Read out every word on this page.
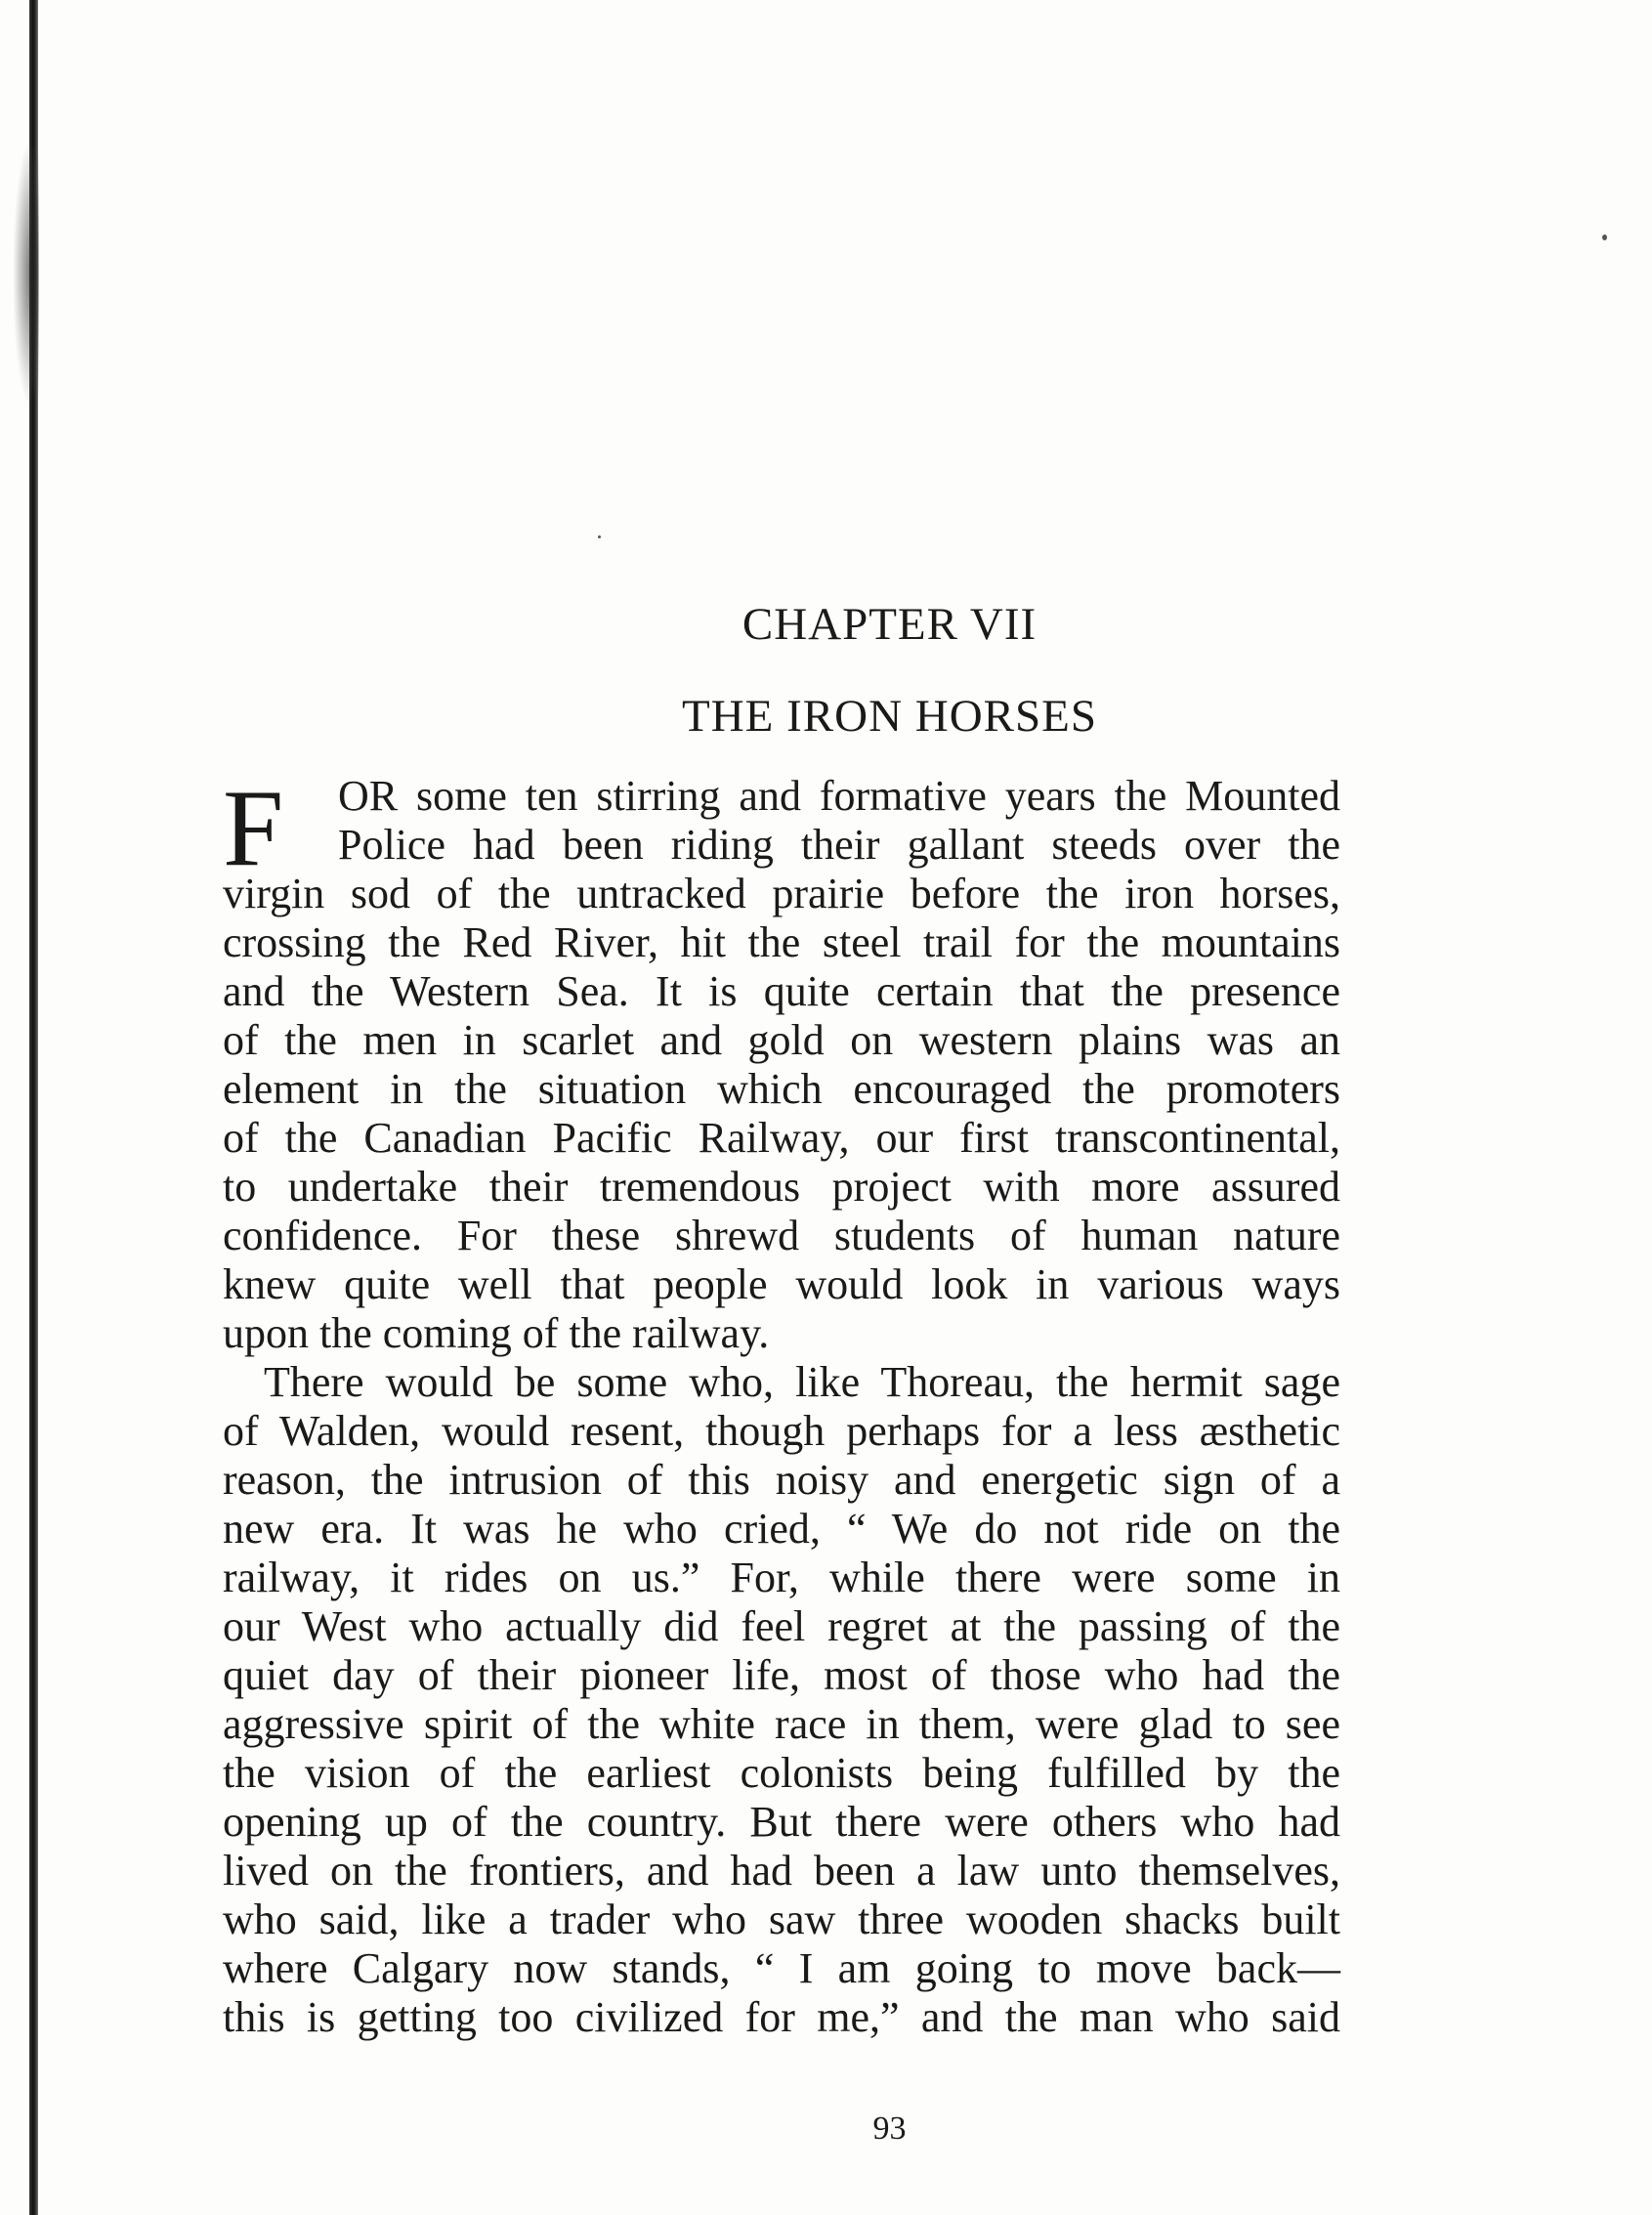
CHAPTER VII
THE IRON HORSES
F	OR some ten stirring and formative years the Mounted
Police had been riding their gallant steeds over the
virgin sod of the untracked prairie before the iron horses,
crossing the Red River, hit the steel trail for the mountains
and the Western Sea. It is quite certain that the presence
of the men in scarlet and gold on western plains was an
element in the situation which encouraged the promoters
of the Canadian Pacific Railway, our first transcontinental,
to undertake their tremendous project with more assured
confidence. For these shrewd students of human nature
knew quite well that people would look in various ways
upon the coming of the railway.
There would be some who, like Thoreau, the hermit sage
of Walden, would resent, though perhaps for a less æsthetic
reason, the intrusion of this noisy and energetic sign of a
new era. It was he who cried, “ We do not ride on the
railway, it rides on us.” For, while there were some in
our West who actually did feel regret at the passing of the
quiet day of their pioneer life, most of those who had the
aggressive spirit of the white race in them, were glad to see
the vision of the earliest colonists being fulfilled by the
opening up of the country. But there were others who had
lived on the frontiers, and had been a law unto themselves,
who said, like a trader who saw three wooden shacks built
where Calgary now stands, “ I am going to move back—
this is getting too civilized for me,” and the man who said
93
